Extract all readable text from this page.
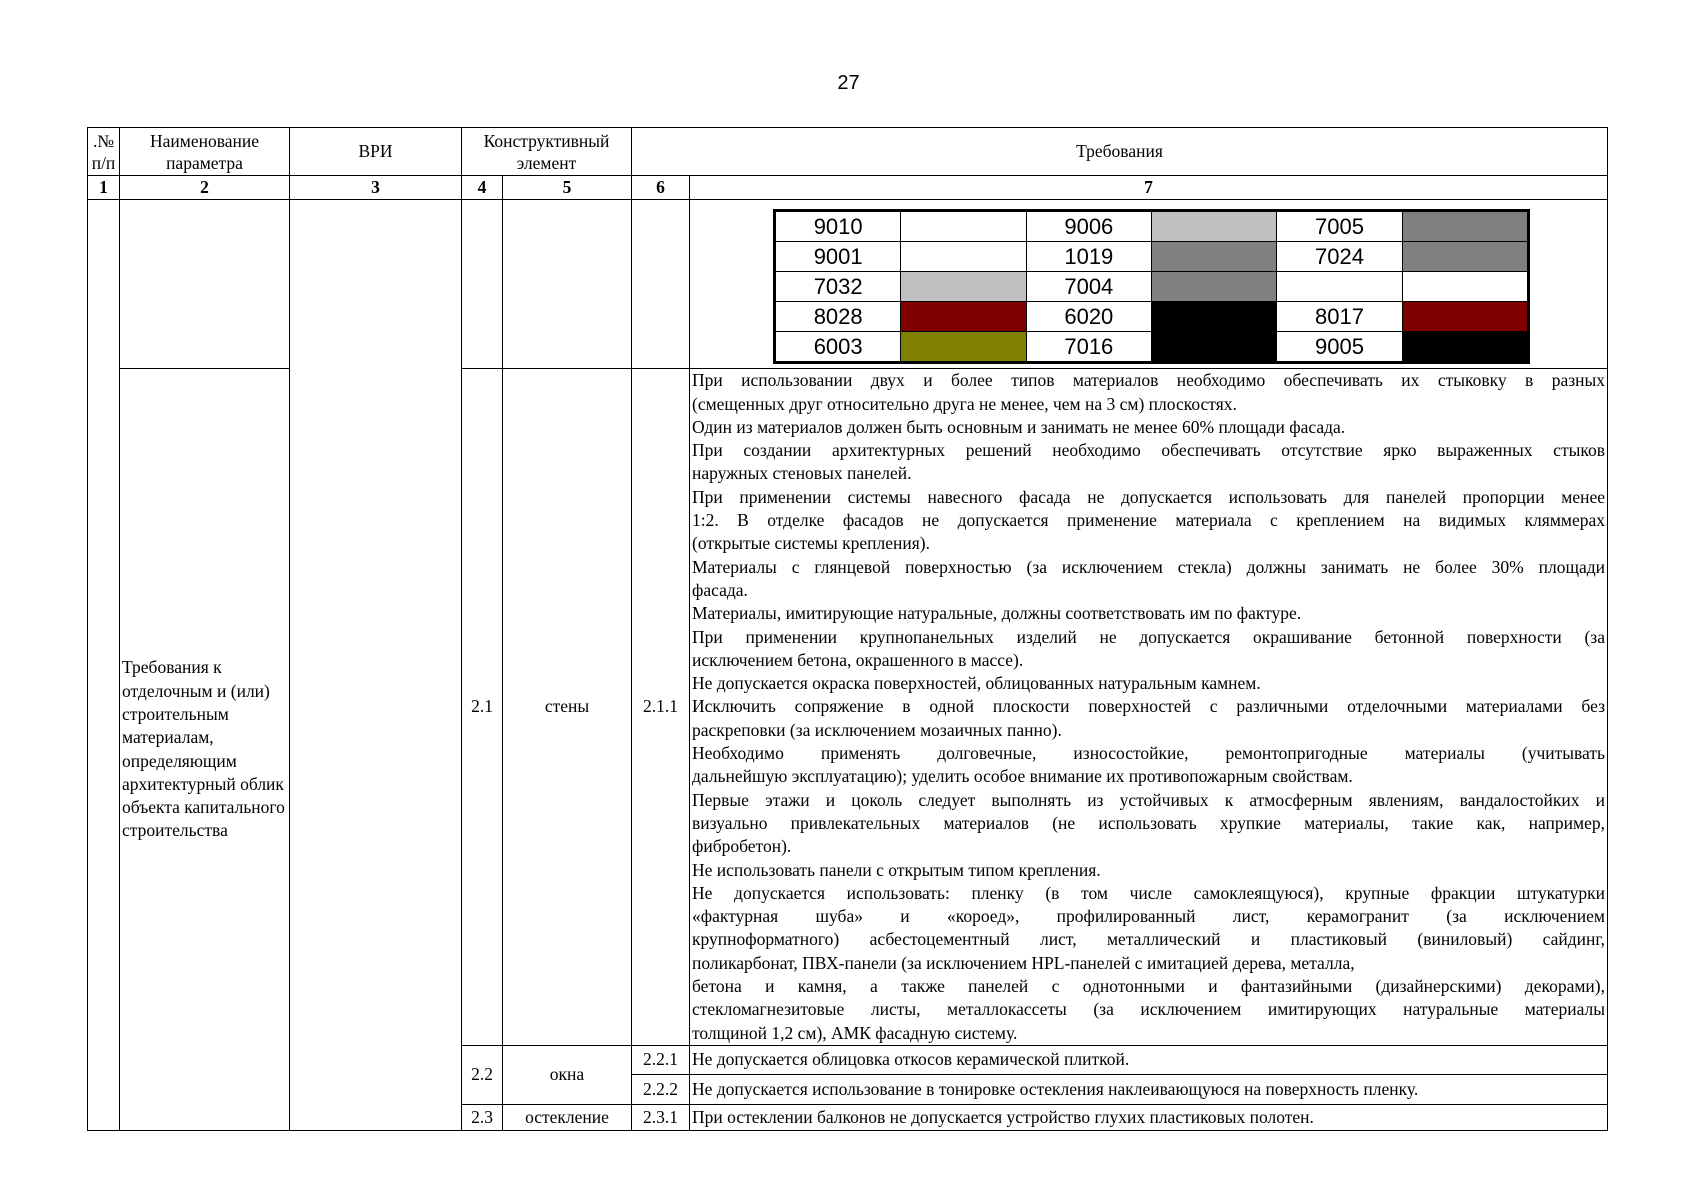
27
.№ п/п	Наименование параметра	ВРИ	Конструктивный элемент	Требования
1	2	3	4	5	6	7

9010		9006		7005	
9001		1019		7024	
7032		7004			
8028		6020		8017	
6003		7016		9005	

Требования к отделочным и (или) строительным материалам, определяющим архитектурный облик объекта капитального строительства	2.1	стены	2.1.1	
При использовании двух и более типов материалов необходимо обеспечивать их стыковку в разных
(смещенных друг относительно друга не менее, чем на 3 см) плоскостях.
Один из материалов должен быть основным и занимать не менее 60% площади фасада.
При создании архитектурных решений необходимо обеспечивать отсутствие ярко выраженных стыков
наружных стеновых панелей.
При применении системы навесного фасада не допускается использовать для панелей пропорции менее
1:2. В отделке фасадов не допускается применение материала с креплением на видимых кляммерах
(открытые системы крепления).
Материалы с глянцевой поверхностью (за исключением стекла) должны занимать не более 30% площади
фасада.
Материалы, имитирующие натуральные, должны соответствовать им по фактуре.
При применении крупнопанельных изделий не допускается окрашивание бетонной поверхности (за
исключением бетона, окрашенного в массе).
Не допускается окраска поверхностей, облицованных натуральным камнем.
Исключить сопряжение в одной плоскости поверхностей с различными отделочными материалами без
раскреповки (за исключением мозаичных панно).
Необходимо применять долговечные, износостойкие, ремонтопригодные материалы (учитывать
дальнейшую эксплуатацию); уделить особое внимание их противопожарным свойствам.
Первые этажи и цоколь следует выполнять из устойчивых к атмосферным явлениям, вандалостойких и
визуально привлекательных материалов (не использовать хрупкие материалы, такие как, например,
фибробетон).
Не использовать панели с открытым типом крепления.
Не допускается использовать: пленку (в том числе самоклеящуюся), крупные фракции штукатурки
«фактурная шуба» и «короед», профилированный лист, керамогранит (за исключением
крупноформатного) асбестоцементный лист, металлический и пластиковый (виниловый) сайдинг,
поликарбонат, ПВХ-панели (за исключением HPL-панелей с имитацией дерева, металла,
бетона и камня, а также панелей с однотонными и фантазийными (дизайнерскими) декорами),
стекломагнезитовые листы, металлокассеты (за исключением имитирующих натуральные материалы
толщиной 1,2 см), АМК фасадную систему.

2.2	окна	2.2.1	Не допускается облицовка откосов керамической плиткой.
2.2.2	Не допускается использование в тонировке остекления наклеивающуюся на поверхность пленку.
2.3	остекление	2.3.1	При остеклении балконов не допускается устройство глухих пластиковых полотен.
